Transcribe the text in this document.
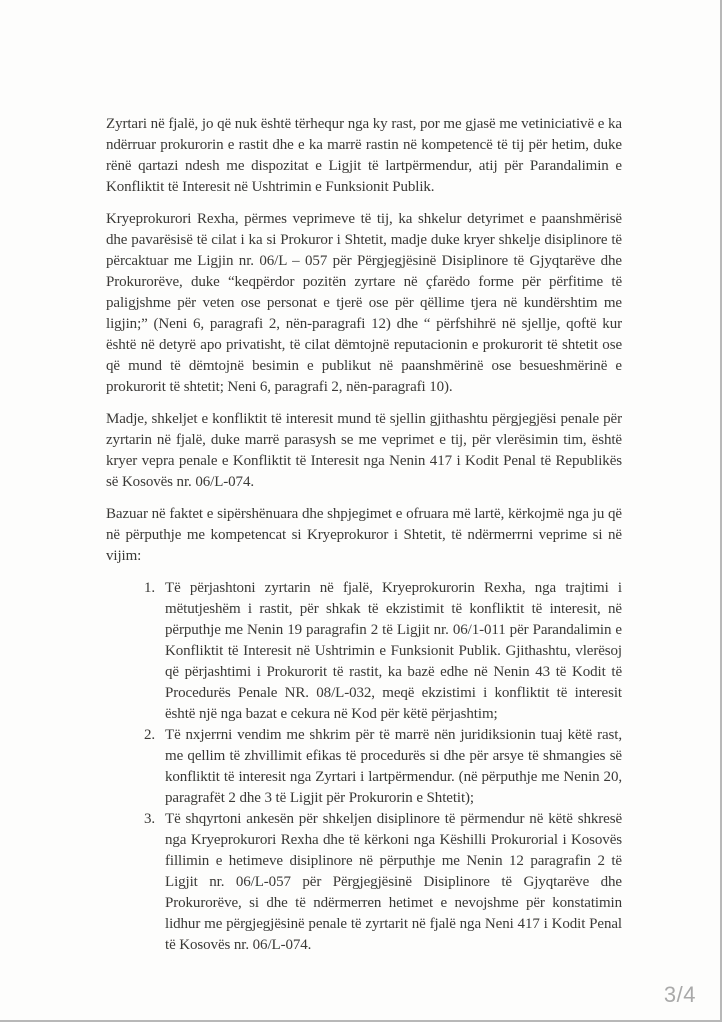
Zyrtari në fjalë, jo që nuk është tërhequr nga ky rast, por me gjasë me vetiniciativë e ka ndërruar prokurorin e rastit dhe e ka marrë rastin në kompetencë të tij për hetim, duke rënë qartazi ndesh me dispozitat e Ligjit të lartpërmendur, atij për Parandalimin e Konfliktit të Interesit në Ushtrimin e Funksionit Publik.

Kryeprokurori Rexha, përmes veprimeve të tij, ka shkelur detyrimet e paanshmërisë dhe pavarësisë të cilat i ka si Prokuror i Shtetit, madje duke kryer shkelje disiplinore të përcaktuar me Ligjin nr. 06/L – 057 për Përgjegjësinë Disiplinore të Gjyqtarëve dhe Prokurorëve, duke “keqpërdor pozitën zyrtare në çfarëdo forme për përfitime të paligjshme për veten ose personat e tjerë ose për qëllime tjera në kundërshtim me ligjin;” (Neni 6, paragrafi 2, nën-paragrafi 12) dhe “ përfshihrë në sjellje, qoftë kur është në detyrë apo privatisht, të cilat dëmtojnë reputacionin e prokurorit të shtetit ose që mund të dëmtojnë besimin e publikut në paanshmërinë ose besueshmërinë e prokurorit të shtetit; Neni 6, paragrafi 2, nën-paragrafi 10).

Madje, shkeljet e konfliktit të interesit mund të sjellin gjithashtu përgjegjësi penale për zyrtarin në fjalë, duke marrë parasysh se me veprimet e tij, për vlerësimin tim, është kryer vepra penale e Konfliktit të Interesit nga Nenin 417 i Kodit Penal të Republikës së Kosovës nr. 06/L-074.

Bazuar në faktet e sipërshënuara dhe shpjegimet e ofruara më lartë, kërkojmë nga ju që në përputhje me kompetencat si Kryeprokuror i Shtetit, të ndërmerrni veprime si në vijim:

1. Të përjashtoni zyrtarin në fjalë, Kryeprokurorin Rexha, nga trajtimi i mëtutjeshëm i rastit, për shkak të ekzistimit të konfliktit të interesit, në përputhje me Nenin 19 paragrafin 2 të Ligjit nr. 06/1-011 për Parandalimin e Konfliktit të Interesit në Ushtrimin e Funksionit Publik. Gjithashtu, vlerësoj që përjashtimi i Prokurorit të rastit, ka bazë edhe në Nenin 43 të Kodit të Procedurës Penale NR. 08/L-032, meqë ekzistimi i konfliktit të interesit është një nga bazat e cekura në Kod për këtë përjashtim;
2. Të nxjerrni vendim me shkrim për të marrë nën juridiksionin tuaj këtë rast, me qellim të zhvillimit efikas të procedurës si dhe për arsye të shmangies së konfliktit të interesit nga Zyrtari i lartpërmendur. (në përputhje me Nenin 20, paragrafët 2 dhe 3 të Ligjit për Prokurorin e Shtetit);
3. Të shqyrtoni ankesën për shkeljen disiplinore të përmendur në këtë shkresë nga Kryeprokurori Rexha dhe të kërkoni nga Këshilli Prokurorial i Kosovës fillimin e hetimeve disiplinore në përputhje me Nenin 12 paragrafin 2 të Ligjit nr. 06/L-057 për Përgjegjësinë Disiplinore të Gjyqtarëve dhe Prokurorëve, si dhe të ndërmerren hetimet e nevojshme për konstatimin lidhur me përgjegjësinë penale të zyrtarit në fjalë nga Neni 417 i Kodit Penal të Kosovës nr. 06/L-074.
3/4
